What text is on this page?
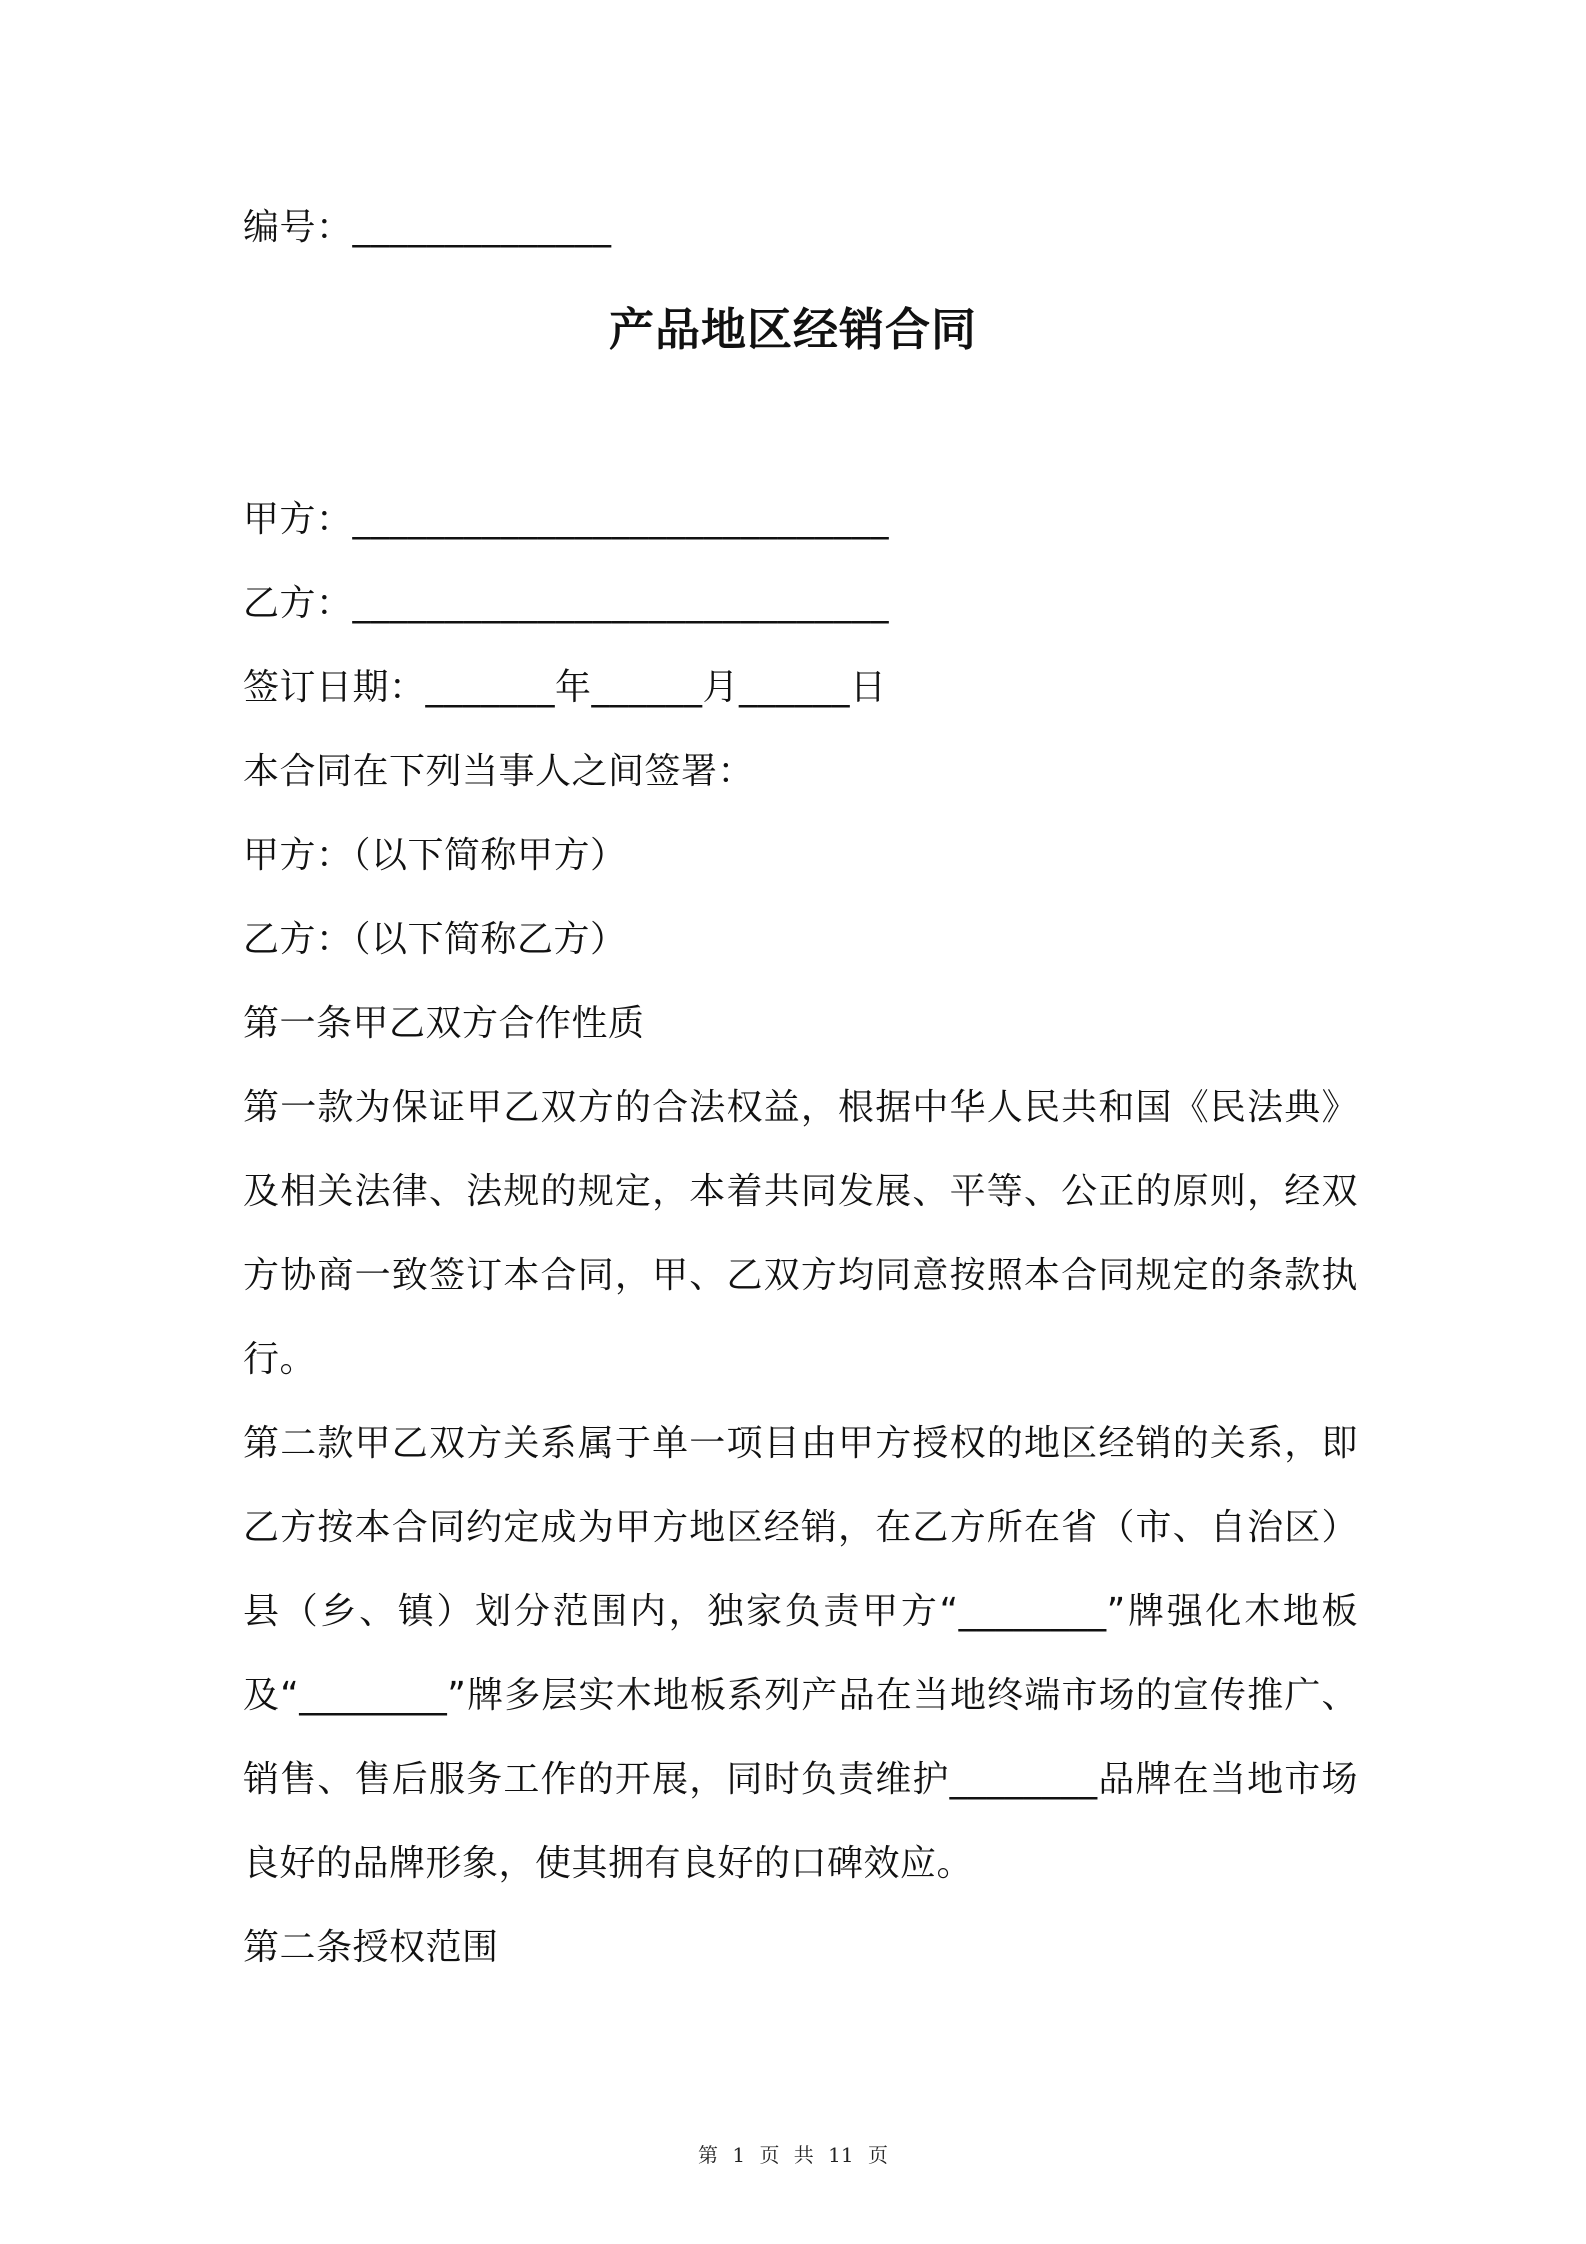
编号：______________
产品地区经销合同
甲方：_____________________________
乙方：_____________________________
签订日期：_______年______月______日
本合同在下列当事人之间签署：
甲方：（以下简称甲方）
乙方：（以下简称乙方）
第一条甲乙双方合作性质
第一款为保证甲乙双方的合法权益，根据中华人民共和国《民法典》及相关法律、法规的规定，本着共同发展、平等、公正的原则，经双方协商一致签订本合同，甲、乙双方均同意按照本合同规定的条款执行。
第二款甲乙双方关系属于单一项目由甲方授权的地区经销的关系，即乙方按本合同约定成为甲方地区经销，在乙方所在省（市、自治区）县（乡、镇）划分范围内，独家负责甲方“________”牌强化木地板及“________”牌多层实木地板系列产品在当地终端市场的宣传推广、销售、售后服务工作的开展，同时负责维护________品牌在当地市场良好的品牌形象，使其拥有良好的口碑效应。
第二条授权范围
第 1 页 共 11 页
